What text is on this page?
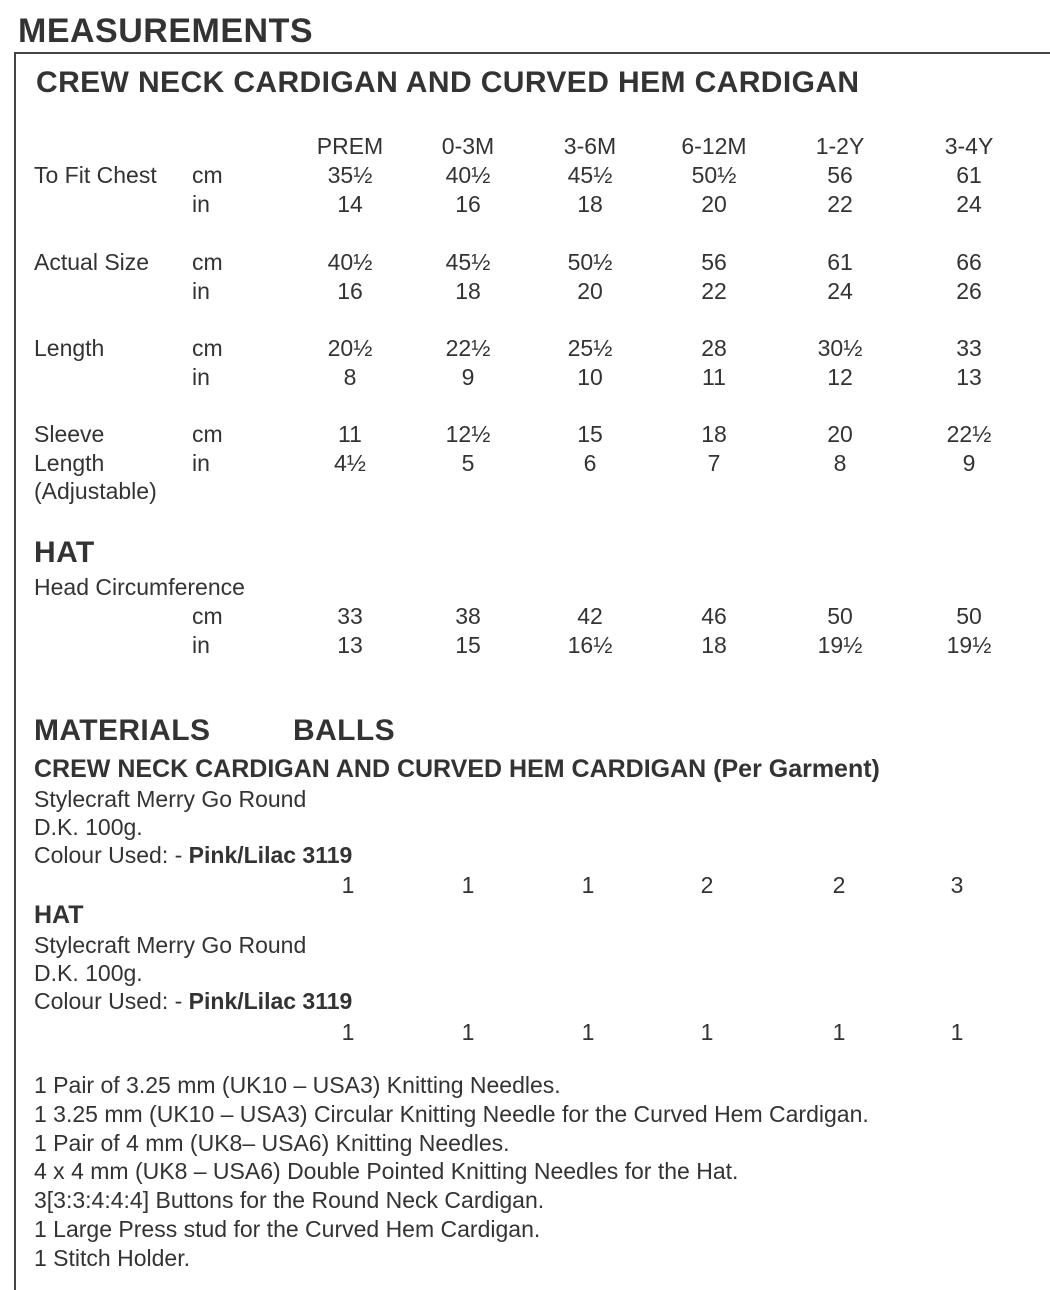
MEASUREMENTS
CREW NECK CARDIGAN AND CURVED HEM CARDIGAN
PREM	0-3M	3-6M	6-12M	1-2Y	3-4Y
To Fit Chest cm	35½	40½	45½	50½	56	61
in	14	16	18	20	22	24
Actual Size cm	40½	45½	50½	56	61	66
in	16	18	20	22	24	26
Length	cm	20½	22½	25½	28	30½	33
in	8	9	10	11	12	13
Sleeve
Length
(Adjustable)
cm	11	12½	15	18	20	22½
in	4½	5	6	7	8	9
HAT
Head Circumference
cm	33	38	42	46	50	50
in	13	15	16½	18	19½	19½
MATERIALS	BALLS
CREW NECK CARDIGAN AND CURVED HEM CARDIGAN (Per Garment)
Stylecraft Merry Go Round
D.K. 100g.
Colour Used: - Pink/Lilac 3119
1	1	1	2	2	3
HAT
Stylecraft Merry Go Round
D.K. 100g.
Colour Used: - Pink/Lilac 3119
1	1	1	1	1	1
1 Pair of 3.25 mm (UK10 – USA3) Knitting Needles.
1 3.25 mm (UK10 – USA3) Circular Knitting Needle for the Curved Hem Cardigan.
1 Pair of 4 mm (UK8– USA6) Knitting Needles.
4 x 4 mm (UK8 – USA6) Double Pointed Knitting Needles for the Hat.
3[3:3:4:4:4] Buttons for the Round Neck Cardigan.
1 Large Press stud for the Curved Hem Cardigan.
1 Stitch Holder.
